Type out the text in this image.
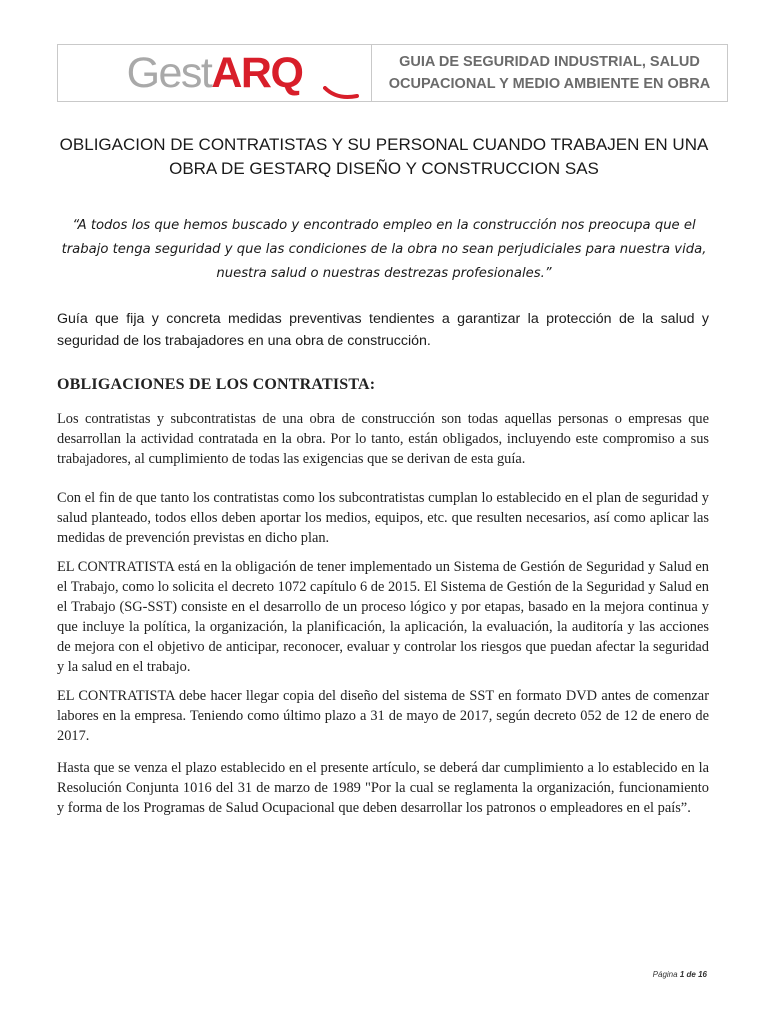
GestARQ	GUIA DE SEGURIDAD INDUSTRIAL, SALUD
OCUPACIONAL Y MEDIO AMBIENTE EN OBRA
OBLIGACION DE CONTRATISTAS Y SU PERSONAL CUANDO TRABAJEN EN UNA
OBRA DE GESTARQ DISEÑO Y CONSTRUCCION SAS
“A todos los que hemos buscado y encontrado empleo en la construcción nos preocupa que el trabajo tenga seguridad y que las condiciones de la obra no sean perjudiciales para nuestra vida, nuestra salud o nuestras destrezas profesionales.”
Guía que fija y concreta medidas preventivas tendientes a garantizar la protección de la salud y seguridad de los trabajadores en una obra de construcción.
OBLIGACIONES DE LOS CONTRATISTA:
Los contratistas y subcontratistas de una obra de construcción son todas aquellas personas o empresas que desarrollan la actividad contratada en la obra. Por lo tanto, están obligados, incluyendo este compromiso a sus trabajadores, al cumplimiento de todas las exigencias que se derivan de esta guía.
Con el fin de que tanto los contratistas como los subcontratistas cumplan lo establecido en el plan de seguridad y salud planteado, todos ellos deben aportar los medios, equipos, etc. que resulten necesarios, así como aplicar las medidas de prevención previstas en dicho plan.
EL CONTRATISTA está en la obligación de tener implementado un Sistema de Gestión de Seguridad y Salud en el Trabajo, como lo solicita el decreto 1072 capítulo 6 de 2015. El Sistema de Gestión de la Seguridad y Salud en el Trabajo (SG-SST) consiste en el desarrollo de un proceso lógico y por etapas, basado en la mejora continua y que incluye la política, la organización, la planificación, la aplicación, la evaluación, la auditoría y las acciones de mejora con el objetivo de anticipar, reconocer, evaluar y controlar los riesgos que puedan afectar la seguridad y la salud en el trabajo.
EL CONTRATISTA debe hacer llegar copia del diseño del sistema de SST en formato DVD antes de comenzar labores en la empresa. Teniendo como último plazo a 31 de mayo de 2017, según decreto 052 de 12 de enero de 2017.
Hasta que se venza el plazo establecido en el presente artículo, se deberá dar cumplimiento a lo establecido en la Resolución Conjunta 1016 del 31 de marzo de 1989 "Por la cual se reglamenta la organización, funcionamiento y forma de los Programas de Salud Ocupacional que deben desarrollar los patronos o empleadores en el país”.
Página 1 de 16
